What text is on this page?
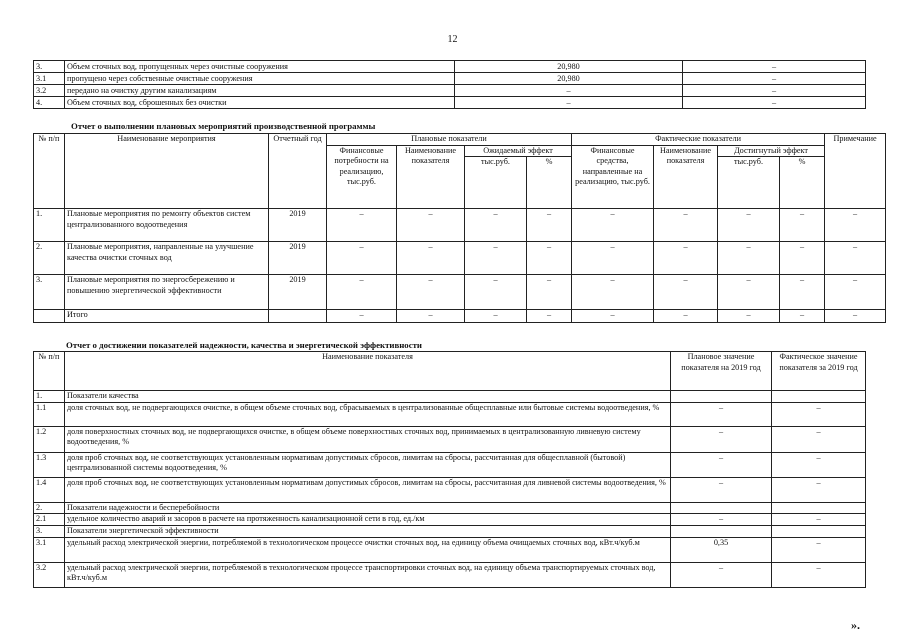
12
3.	Объем сточных вод, пропущенных через очистные сооружения	20,980	–
3.1	пропущено через собственные очистные сооружения	20,980	–
3.2	передано на очистку другим канализациям	–	–
4.	Объем сточных вод, сброшенных без очистки	–	–
Отчет о выполнении плановых мероприятий производственной программы
№ п/п	Наименование мероприятия	Отчетный год	Плановые показатели				Фактические показатели				Примечание
			Финансовые потребности на реализацию, тыс.руб.	Наименование показателя	Ожидаемый эффект		Финансовые средства, направленные на реализацию, тыс.руб.	Наименование показателя	Достигнутый эффект		
					тыс.руб.	%			тыс.руб.	%	
1.	Плановые мероприятия по ремонту объектов систем централизованного водоотведения	2019	–	–	–	–	–	–	–	–	–
2.	Плановые мероприятия, направленные на улучшение качества очистки сточных вод	2019	–	–	–	–	–	–	–	–	–
3.	Плановые мероприятия по энергосбережению и повышению энергетической эффективности	2019	–	–	–	–	–	–	–	–	–
	Итого		–	–	–	–	–	–	–	–	–
Отчет о достижении показателей надежности, качества и энергетической эффективности
№ п/п	Наименование показателя	Плановое значение показателя на 2019 год	Фактическое значение показателя за 2019 год
1.	Показатели качества		
1.1	доля сточных вод, не подвергающихся очистке, в общем объеме сточных вод, сбрасываемых в централизованные общесплавные или бытовые системы водоотведения, %	–	–
1.2	доля поверхностных сточных вод, не подвергающихся очистке, в общем объеме поверхностных сточных вод, принимаемых в централизованную ливневую систему водоотведения, %	–	–
1.3	доля проб сточных вод, не соответствующих установленным нормативам допустимых сбросов, лимитам на сбросы, рассчитанная для общесплавной (бытовой) централизованной системы водоотведения, %	–	–
1.4	доля проб сточных вод, не соответствующих установленным нормативам допустимых сбросов, лимитам на сбросы, рассчитанная для ливневой системы водоотведения, %	–	–
2.	Показатели надежности и бесперебойности		
2.1	удельное количество аварий и засоров в расчете на протяженность канализационной сети в год, ед./км	–	–
3.	Показатели энергетической эффективности		
3.1	удельный расход электрической энергии, потребляемой в технологическом процессе очистки сточных вод, на единицу объема очищаемых сточных вод, кВт.ч/куб.м	0,35	–
3.2	удельный расход электрической энергии, потребляемой в технологическом процессе транспортировки сточных вод, на единицу объема транспортируемых сточных вод, кВт.ч/куб.м	–	–
».
